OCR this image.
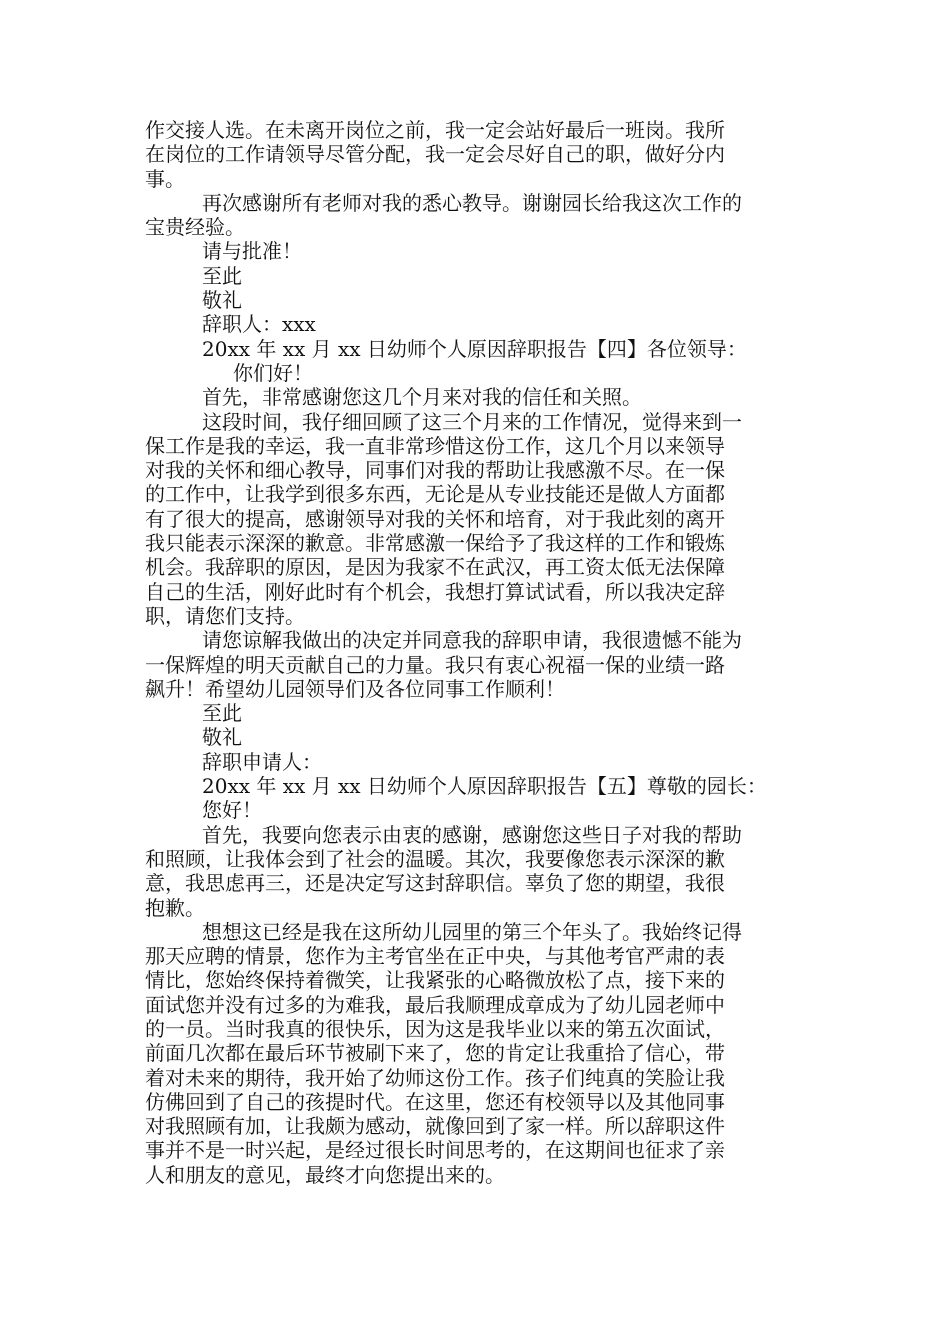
作交接人选。在未离开岗位之前，我一定会站好最后一班岗。我所
在岗位的工作请领导尽管分配，我一定会尽好自己的职，做好分内
事。
再次感谢所有老师对我的悉心教导。谢谢园长给我这次工作的
宝贵经验。
请与批准！
至此
敬礼
辞职人：xxx
20xx 年 xx 月 xx 日幼师个人原因辞职报告【四】各位领导：
你们好！
首先，非常感谢您这几个月来对我的信任和关照。
这段时间，我仔细回顾了这三个月来的工作情况，觉得来到一
保工作是我的幸运，我一直非常珍惜这份工作，这几个月以来领导
对我的关怀和细心教导，同事们对我的帮助让我感激不尽。在一保
的工作中，让我学到很多东西，无论是从专业技能还是做人方面都
有了很大的提高，感谢领导对我的关怀和培育，对于我此刻的离开
我只能表示深深的歉意。非常感激一保给予了我这样的工作和锻炼
机会。我辞职的原因，是因为我家不在武汉，再工资太低无法保障
自己的生活，刚好此时有个机会，我想打算试试看，所以我决定辞
职，请您们支持。
请您谅解我做出的决定并同意我的辞职申请，我很遗憾不能为
一保辉煌的明天贡献自己的力量。我只有衷心祝福一保的业绩一路
飙升！希望幼儿园领导们及各位同事工作顺利！
至此
敬礼
辞职申请人：
20xx 年 xx 月 xx 日幼师个人原因辞职报告【五】尊敬的园长：
您好！
首先，我要向您表示由衷的感谢，感谢您这些日子对我的帮助
和照顾，让我体会到了社会的温暖。其次，我要像您表示深深的歉
意，我思虑再三，还是决定写这封辞职信。辜负了您的期望，我很
抱歉。
想想这已经是我在这所幼儿园里的第三个年头了。我始终记得
那天应聘的情景，您作为主考官坐在正中央，与其他考官严肃的表
情比，您始终保持着微笑，让我紧张的心略微放松了点，接下来的
面试您并没有过多的为难我，最后我顺理成章成为了幼儿园老师中
的一员。当时我真的很快乐，因为这是我毕业以来的第五次面试，
前面几次都在最后环节被刷下来了，您的肯定让我重拾了信心，带
着对未来的期待，我开始了幼师这份工作。孩子们纯真的笑脸让我
仿佛回到了自己的孩提时代。在这里，您还有校领导以及其他同事
对我照顾有加，让我颇为感动，就像回到了家一样。所以辞职这件
事并不是一时兴起，是经过很长时间思考的，在这期间也征求了亲
人和朋友的意见，最终才向您提出来的。
